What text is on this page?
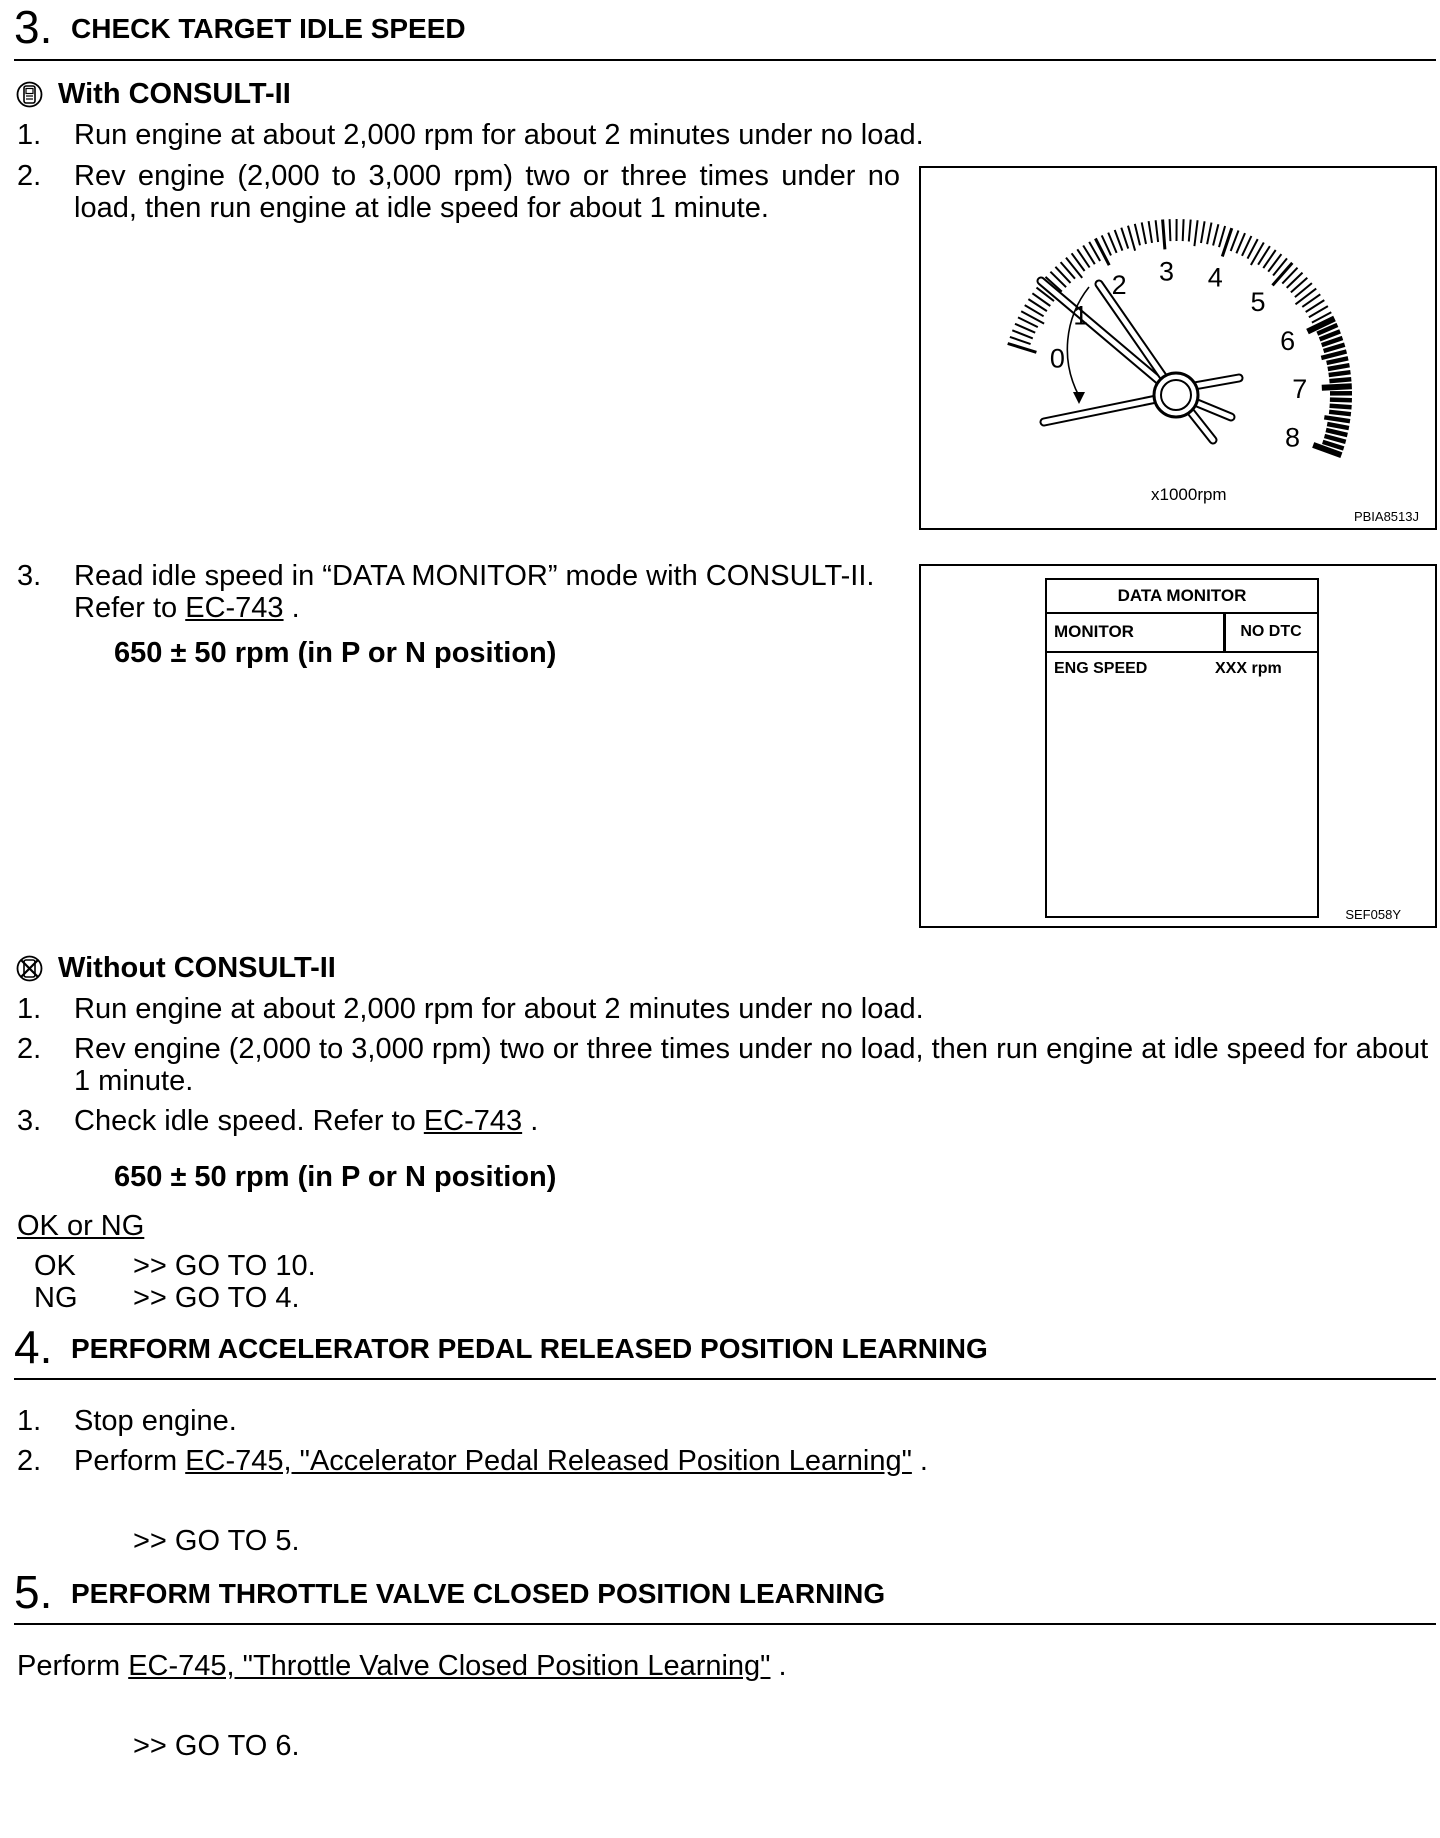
3. CHECK TARGET IDLE SPEED
With CONSULT-II
1. Run engine at about 2,000 rpm for about 2 minutes under no load.
2. Rev engine (2,000 to 3,000 rpm) two or three times under no
load, then run engine at idle speed for about 1 minute.
0
1
2 3 4
5
6
7
8
x1000rpm
PBIA8513J
3. Read idle speed in “DATA MONITOR” mode with CONSULT-II.
Refer to EC-743 .
650 ± 50 rpm (in P or N position)
DATA MONITOR
MONITOR	NO DTC
ENG SPEED	XXX rpm
SEF058Y
Without CONSULT-II
1. Run engine at about 2,000 rpm for about 2 minutes under no load.
2. Rev engine (2,000 to 3,000 rpm) two or three times under no load, then run engine at idle speed for about
1 minute.
3. Check idle speed. Refer to EC-743 .
650 ± 50 rpm (in P or N position)
OK or NG
OK >> GO TO 10.
NG >> GO TO 4.
4. PERFORM ACCELERATOR PEDAL RELEASED POSITION LEARNING
1. Stop engine.
2. Perform EC-745, "Accelerator Pedal Released Position Learning" .
>> GO TO 5.
5. PERFORM THROTTLE VALVE CLOSED POSITION LEARNING
Perform EC-745, "Throttle Valve Closed Position Learning" .
>> GO TO 6.
